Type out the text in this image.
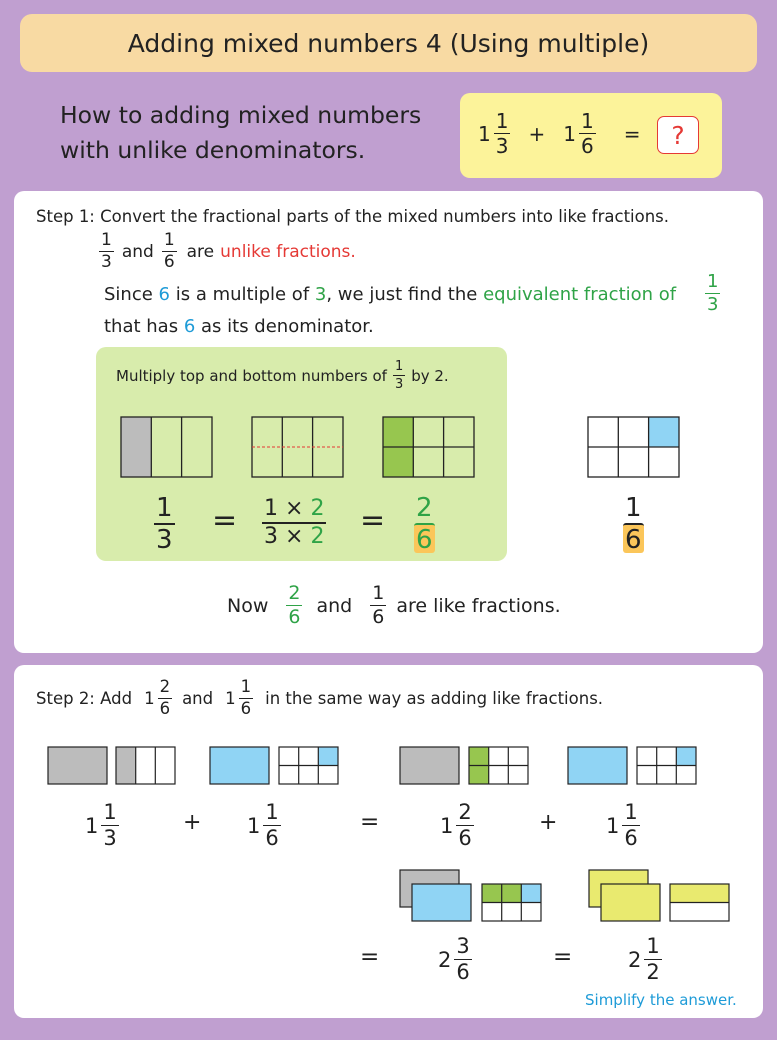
Adding mixed numbers 4 (Using multiple)
How to adding mixed numbers
with unlike denominators.
$1 \frac{1}{3} + 1 \frac{1}{6}$ = ?
Step 1: Convert the fractional parts of the mixed numbers into like fractions.
$\frac{1}{3}$ and $\frac{1}{6}$ are unlike fractions.
Since 6 is a multiple of 3, we just find the equivalent fraction of $\frac{1}{3}$
that has 6 as its denominator.
Multiply top and bottom numbers of $\frac{1}{3}$ by 2.
$\frac{1}{3} = \frac{1 \times 2}{3 \times 2} = \frac{2}{6}$	$\frac{1}{6}$
Now $\frac{2}{6}$ and $\frac{1}{6}$ are like fractions.
Step 2: Add $1 \frac{2}{6}$ and $1 \frac{1}{6}$ in the same way as adding like fractions.
$1 \frac{1}{3}$	+ $1 \frac{1}{6}$	=	$1 \frac{2}{6}$	+ $1 \frac{1}{6}$
=	$2 \frac{3}{6}$	=	$2 \frac{1}{2}$
Simplify the answer.
